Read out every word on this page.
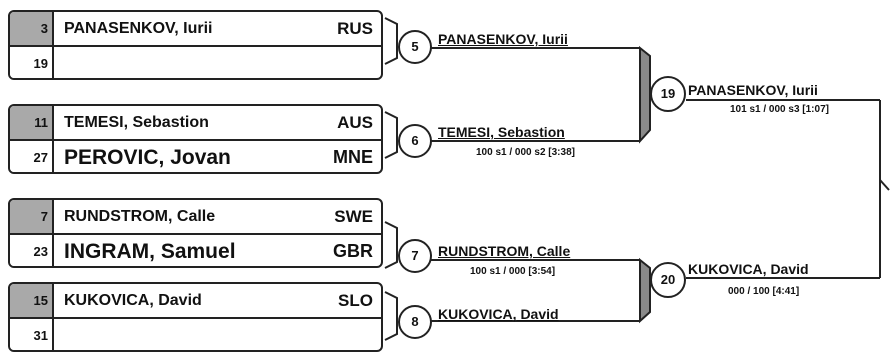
3	PANASENKOV, Iurii	RUS
19
11	TEMESI, Sebastion	AUS
27 PEROVIC, Jovan	MNE
7	RUNDSTROM, Calle	SWE
23 INGRAM, Samuel	GBR
15	KUKOVICA, David	SLO
31
5
6
7
8
PANASENKOV, Iurii
TEMESI, Sebastion
100 s1 / 000 s2 [3:38]
RUNDSTROM, Calle
100 s1 / 000 [3:54]
KUKOVICA, David
19
20
PANASENKOV, Iurii
101 s1 / 000 s3 [1:07]
KUKOVICA, David
000 / 100 [4:41]
